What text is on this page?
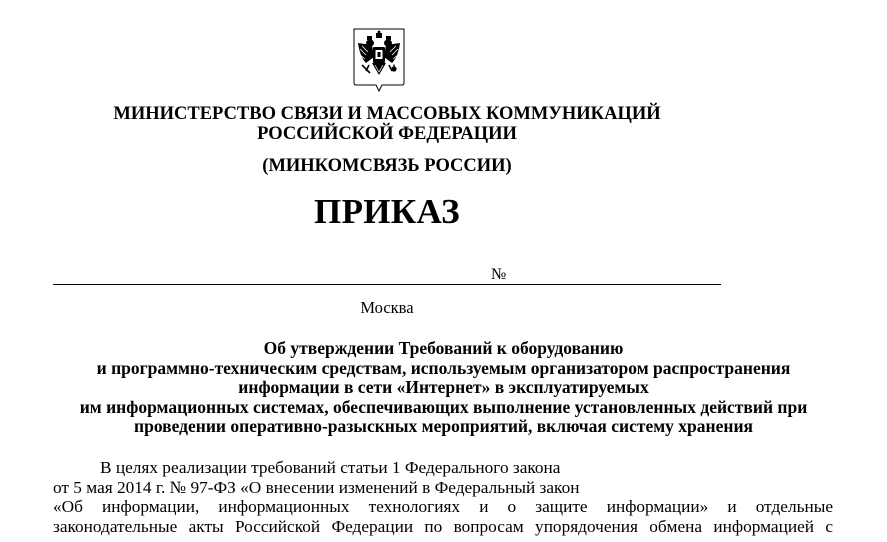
МИНИСТЕРСТВО СВЯЗИ И МАССОВЫХ КОММУНИКАЦИЙ
РОССИЙСКОЙ ФЕДЕРАЦИИ
(МИНКОМСВЯЗЬ РОССИИ)
ПРИКАЗ
№
Москва
Об утверждении Требований к оборудованию
и программно-техническим средствам, используемым организатором распространения
информации в сети «Интернет» в эксплуатируемых
им информационных системах, обеспечивающих выполнение установленных действий при
проведении оперативно-разыскных мероприятий, включая систему хранения
В целях реализации требований статьи 1 Федерального закона
от 5 мая 2014 г. № 97-ФЗ «О внесении изменений в Федеральный закон
«Об информации, информационных технологиях и о защите информации» и отдельные
законодательные акты Российской Федерации по вопросам упорядочения обмена информацией с
